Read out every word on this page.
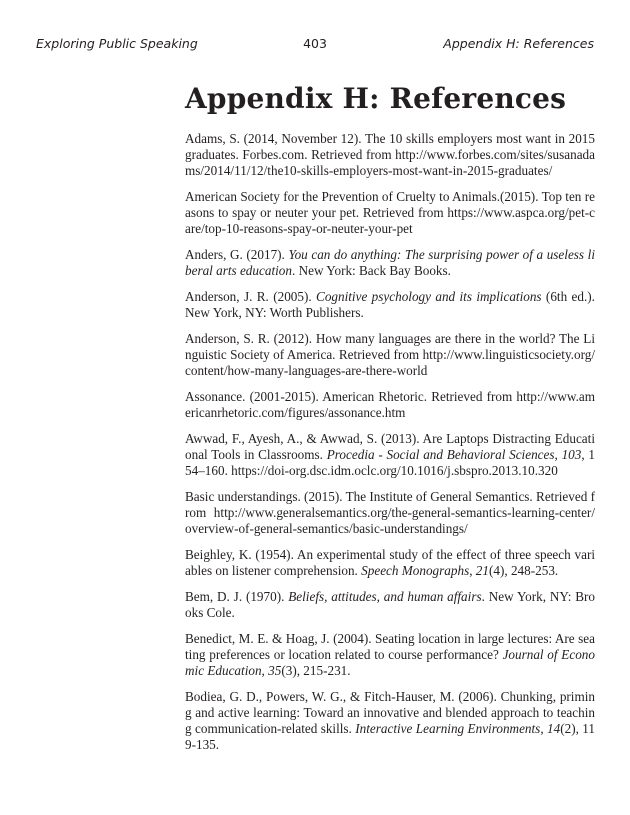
Exploring Public Speaking	403	Appendix H: References
Appendix H: References

Adams, S. (2014, November 12). The 10 skills employers most want in 2015 graduates. Forbes.com. Retrieved from http://www.forbes.com/sites/susanadams/2014/11/12/the10-skills-employers-most-want-in-2015-graduates/

American Society for the Prevention of Cruelty to Animals.(2015). Top ten reasons to spay or neuter your pet. Retrieved from https://www.aspca.org/pet-care/top-10-reasons-spay-or-neuter-your-pet

Anders, G. (2017). You can do anything: The surprising power of a useless liberal arts education. New York: Back Bay Books.

Anderson, J. R. (2005). Cognitive psychology and its implications (6th ed.). New York, NY: Worth Publishers.

Anderson, S. R. (2012). How many languages are there in the world? The Linguistic Society of America. Retrieved from http://www.linguisticsociety.org/content/how-many-languages-are-there-world

Assonance. (2001-2015). American Rhetoric. Retrieved from http://www.americanrhetoric.com/figures/assonance.htm

Awwad, F., Ayesh, A., & Awwad, S. (2013). Are Laptops Distracting Educational Tools in Classrooms. Procedia - Social and Behavioral Sciences, 103, 154–160. https://doi-org.dsc.idm.oclc.org/10.1016/j.sbspro.2013.10.320

Basic understandings. (2015). The Institute of General Semantics. Retrieved from http://www.generalsemantics.org/the-general-semantics-learning-center/overview-of-general-semantics/basic-understandings/

Beighley, K. (1954). An experimental study of the effect of three speech variables on listener comprehension. Speech Monographs, 21(4), 248-253.

Bem, D. J. (1970). Beliefs, attitudes, and human affairs. New York, NY: Brooks Cole.

Benedict, M. E. & Hoag, J. (2004). Seating location in large lectures: Are seating preferences or location related to course performance? Journal of Economic Education, 35(3), 215-231.

Bodiea, G. D., Powers, W. G., & Fitch-Hauser, M. (2006). Chunking, priming and active learning: Toward an innovative and blended approach to teaching communication-related skills. Interactive Learning Environments, 14(2), 119-135.
